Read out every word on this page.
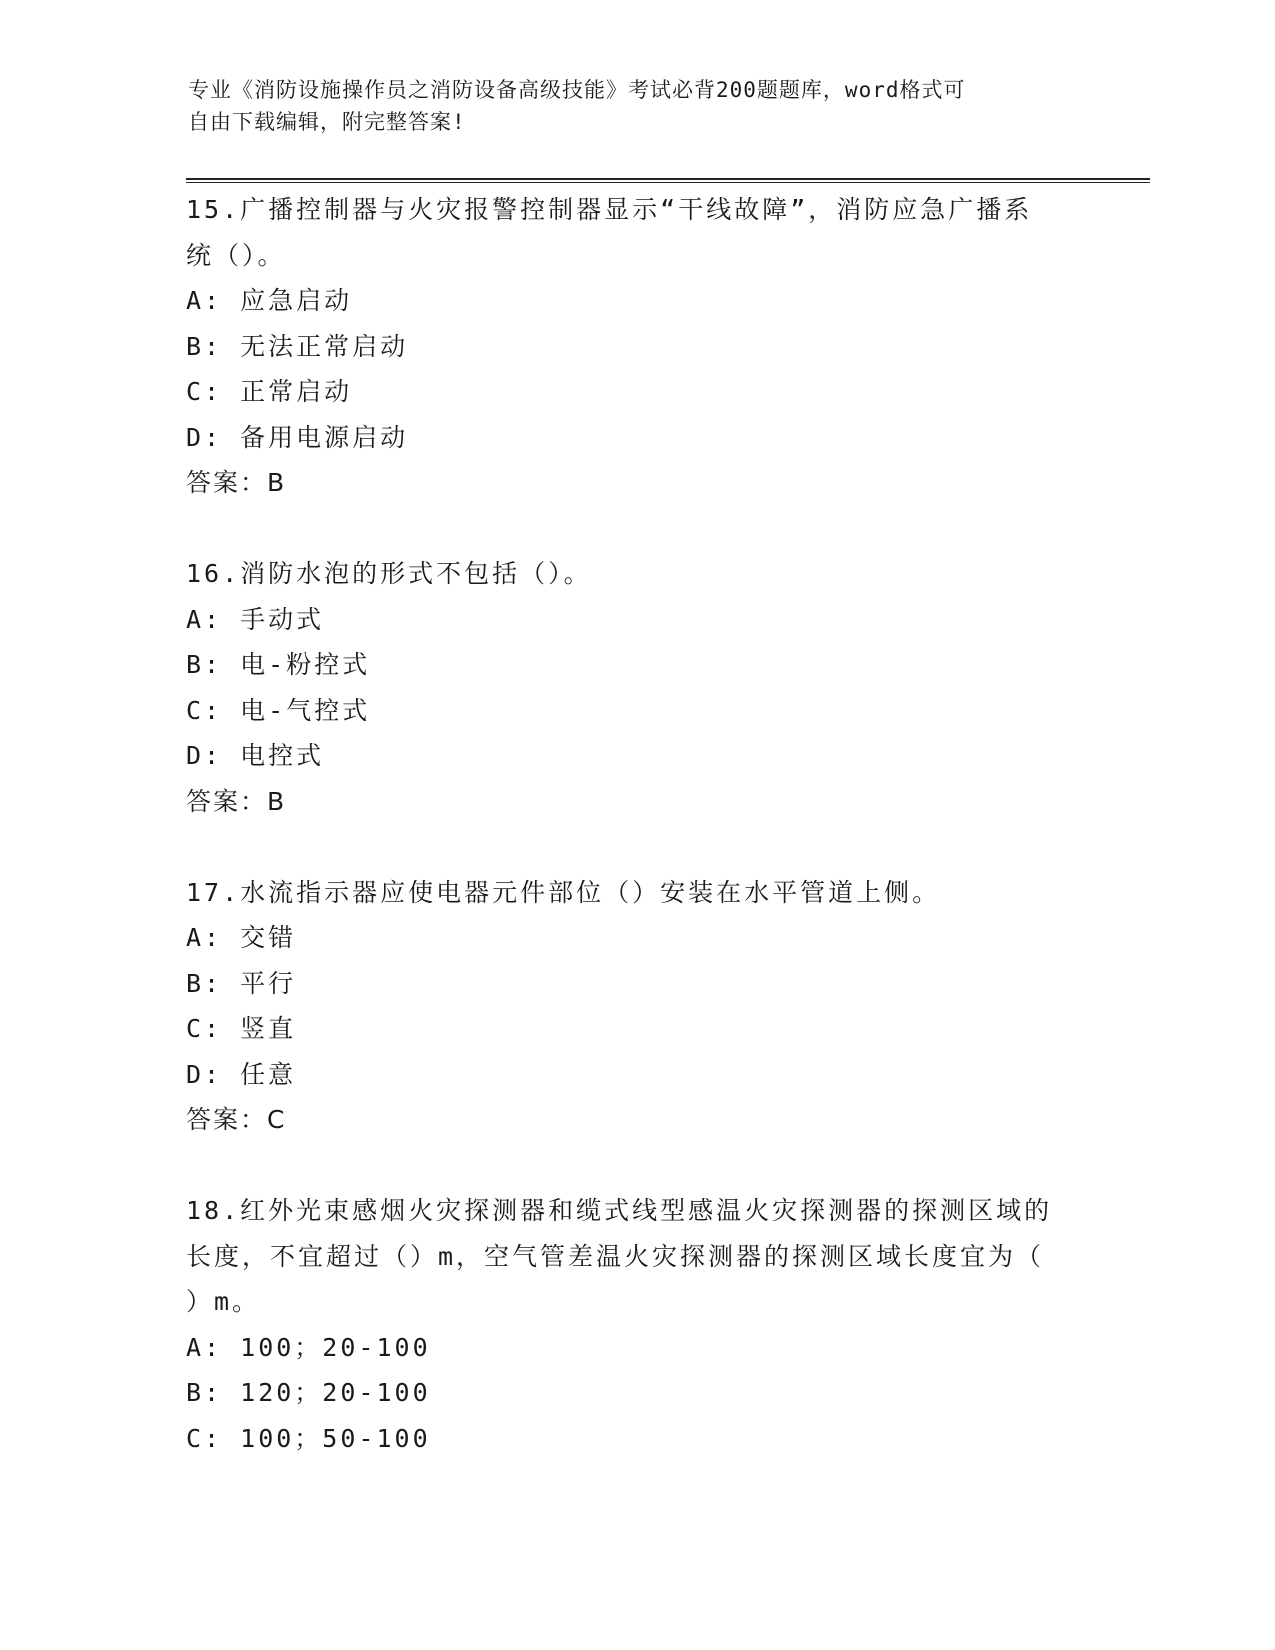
专业《消防设施操作员之消防设备高级技能》考试必背200题题库，word格式可
自由下载编辑，附完整答案!
15.广播控制器与火灾报警控制器显示“干线故障”，消防应急广播系
统（）。
A: 应急启动
B: 无法正常启动
C: 正常启动
D: 备用电源启动
答案：B
16.消防水泡的形式不包括（）。
A: 手动式
B: 电-粉控式
C: 电-气控式
D: 电控式
答案：B
17.水流指示器应使电器元件部位（）安装在水平管道上侧。
A: 交错
B: 平行
C: 竖直
D: 任意
答案：C
18.红外光束感烟火灾探测器和缆式线型感温火灾探测器的探测区域的
长度，不宜超过（）m，空气管差温火灾探测器的探测区域长度宜为（
）m。
A: 100；20-100
B: 120；20-100
C: 100；50-100
